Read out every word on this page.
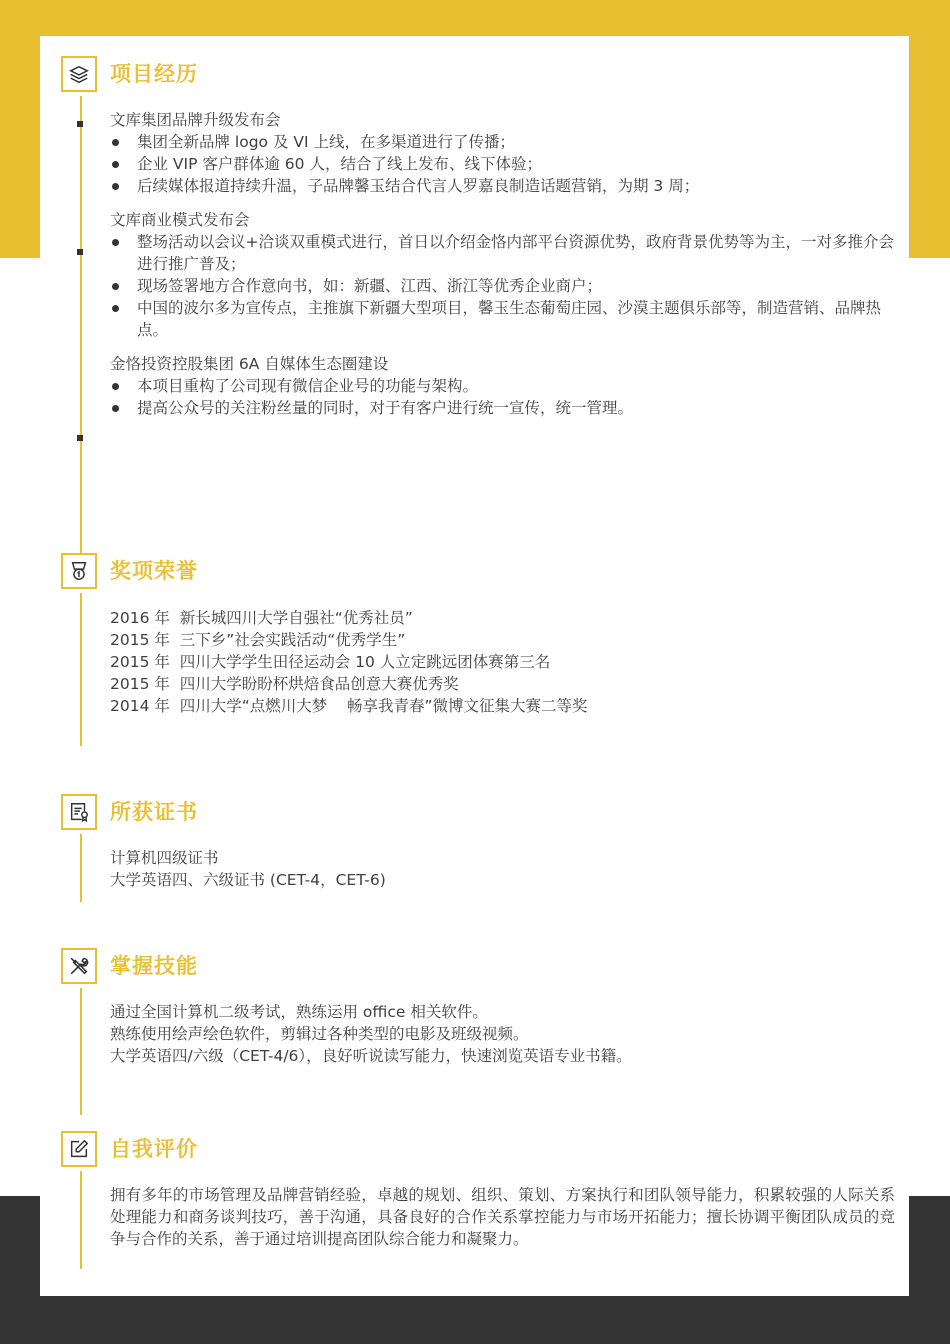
项目经历

文库集团品牌升级发布会

集团全新品牌 logo 及 VI 上线，在多渠道进行了传播；
企业 VIP 客户群体逾 60 人，结合了线上发布、线下体验；
后续媒体报道持续升温，子品牌馨玉结合代言人罗嘉良制造话题营销，为期 3 周；

文库商业模式发布会

整场活动以会议+洽谈双重模式进行，首日以介绍金恪内部平台资源优势，政府背景优势等为主，一对多推介会进行推广普及；
现场签署地方合作意向书，如：新疆、江西、浙江等优秀企业商户；
中国的波尔多为宣传点，主推旗下新疆大型项目，馨玉生态葡萄庄园、沙漠主题俱乐部等，制造营销、品牌热点。

金恪投资控股集团 6A 自媒体生态圈建设

本项目重构了公司现有微信企业号的功能与架构。
提高公众号的关注粉丝量的同时，对于有客户进行统一宣传，统一管理。
奖项荣誉

2016 年  新长城四川大学自强社“优秀社员”

2015 年  三下乡”社会实践活动“优秀学生”

2015 年  四川大学学生田径运动会 10 人立定跳远团体赛第三名

2015 年  四川大学盼盼杯烘焙食品创意大赛优秀奖

2014 年  四川大学“点燃川大梦    畅享我青春”微博文征集大赛二等奖

所获证书

计算机四级证书

大学英语四、六级证书 (CET-4，CET-6)

掌握技能

通过全国计算机二级考试，熟练运用 office 相关软件。

熟练使用绘声绘色软件，剪辑过各种类型的电影及班级视频。

大学英语四/六级（CET-4/6），良好听说读写能力，快速浏览英语专业书籍。

自我评价

拥有多年的市场管理及品牌营销经验，卓越的规划、组织、策划、方案执行和团队领导能力，积累较强的人际关系处理能力和商务谈判技巧，善于沟通，具备良好的合作关系掌控能力与市场开拓能力；擅长协调平衡团队成员的竞争与合作的关系，善于通过培训提高团队综合能力和凝聚力。
